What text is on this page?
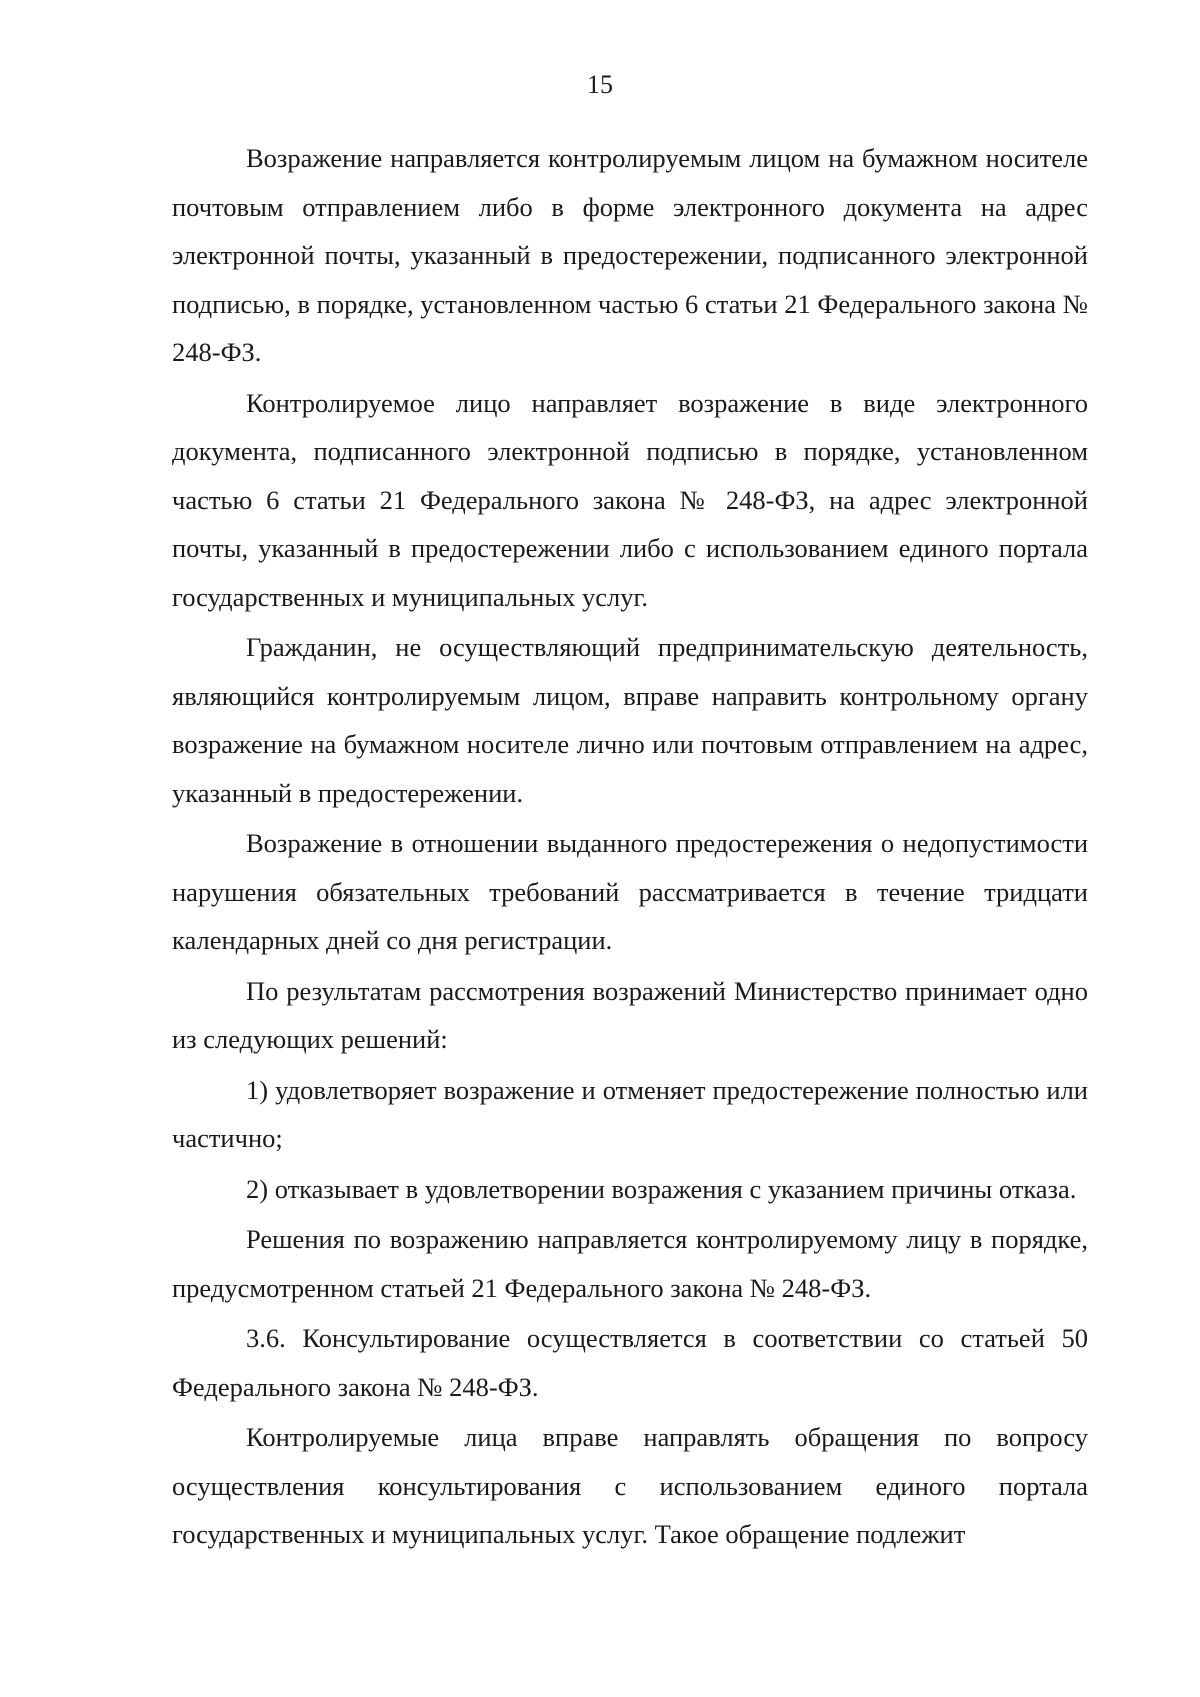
15

Возражение направляется контролируемым лицом на бумажном носителе почтовым отправлением либо в форме электронного документа на адрес электронной почты, указанный в предостережении, подписанного электронной подписью, в порядке, установленном частью 6 статьи 21 Федерального закона № 248-ФЗ.

Контролируемое лицо направляет возражение в виде электронного документа, подписанного электронной подписью в порядке, установленном частью 6 статьи 21 Федерального закона № 248-ФЗ, на адрес электронной почты, указанный в предостережении либо с использованием единого портала государственных и муниципальных услуг.

Гражданин, не осуществляющий предпринимательскую деятельность, являющийся контролируемым лицом, вправе направить контрольному органу возражение на бумажном носителе лично или почтовым отправлением на адрес, указанный в предостережении.

Возражение в отношении выданного предостережения о недопустимости нарушения обязательных требований рассматривается в течение тридцати календарных дней со дня регистрации.

По результатам рассмотрения возражений Министерство принимает одно из следующих решений:

1) удовлетворяет возражение и отменяет предостережение полностью или частично;

2) отказывает в удовлетворении возражения с указанием причины отказа.

Решения по возражению направляется контролируемому лицу в порядке, предусмотренном статьей 21 Федерального закона № 248-ФЗ.

3.6. Консультирование осуществляется в соответствии со статьей 50 Федерального закона № 248-ФЗ.

Контролируемые лица вправе направлять обращения по вопросу осуществления консультирования с использованием единого портала государственных и муниципальных услуг. Такое обращение подлежит
